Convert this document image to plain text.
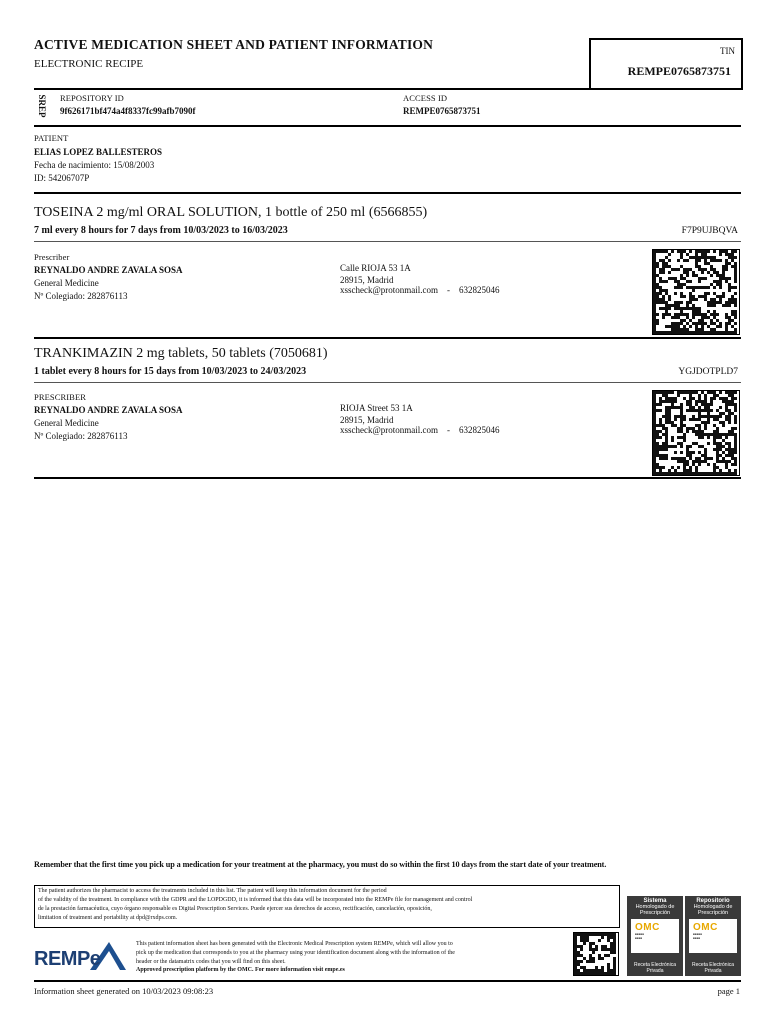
ACTIVE MEDICATION SHEET AND PATIENT INFORMATION
ELECTRONIC RECIPE
TIN
REMPE0765873751
SREP REPOSITORY ID
9f626171bf474a4f8337fc99afb7090f
ACCESS ID
REMPE0765873751
PATIENT
ELIAS LOPEZ BALLESTEROS
Fecha de nacimiento: 15/08/2003
ID: 54206707P
TOSEINA 2 mg/ml ORAL SOLUTION, 1 bottle of 250 ml (6566855)
7 ml every 8 hours for 7 days from 10/03/2023 to 16/03/2023	F7P9UJBQVA
Prescriber
REYNALDO ANDRE ZAVALA SOSA
General Medicine
Nº Colegiado: 282876113
Calle RIOJA 53 1A
28915, Madrid
xsscheck@protonmail.com    -    632825046
TRANKIMAZIN 2 mg tablets, 50 tablets (7050681)
1 tablet every 8 hours for 15 days from 10/03/2023 to 24/03/2023	YGJDOTPLD7
PRESCRIBER
REYNALDO ANDRE ZAVALA SOSA
General Medicine
Nº Colegiado: 282876113
RIOJA Street 53 1A
28915, Madrid
xsscheck@protonmail.com    -    632825046
Remember that the first time you pick up a medication for your treatment at the pharmacy, you must do so within the first 10 days from the start date of your treatment.
The patient authorizes the pharmacist to access the treatments included in this list. The patient will keep this information document for the period
of the validity of the treatment. In compliance with the GDPR and the LOPDGDD, it is informed that this data will be incorporated into the REMPe file for management and control
de la prestación farmacéutica, cuyo órgano responsable es Digital Prescription Services. Puede ejercer sus derechos de acceso, rectificación, cancelación, oposición,
limitation of treatment and portability at dpd@rxdps.com.
REMPe
This patient information sheet has been generated with the Electronic Medical Prescription system REMPe, which will allow you to
pick up the medication that corresponds to you at the pharmacy using your identification document along with the information of the
header or the datamatrix codes that you will find on this sheet.
Approved prescription platform by the OMC. For more information visit empe.es
Sistema
Homologado de Prescripción
OMC
■■■■■
■■■■
Receta Electrónica Privada
Repositorio
Homologado de Prescripción
OMC
■■■■■
■■■■
Receta Electrónica Privada
Information sheet generated on 10/03/2023 09:08:23	page 1
